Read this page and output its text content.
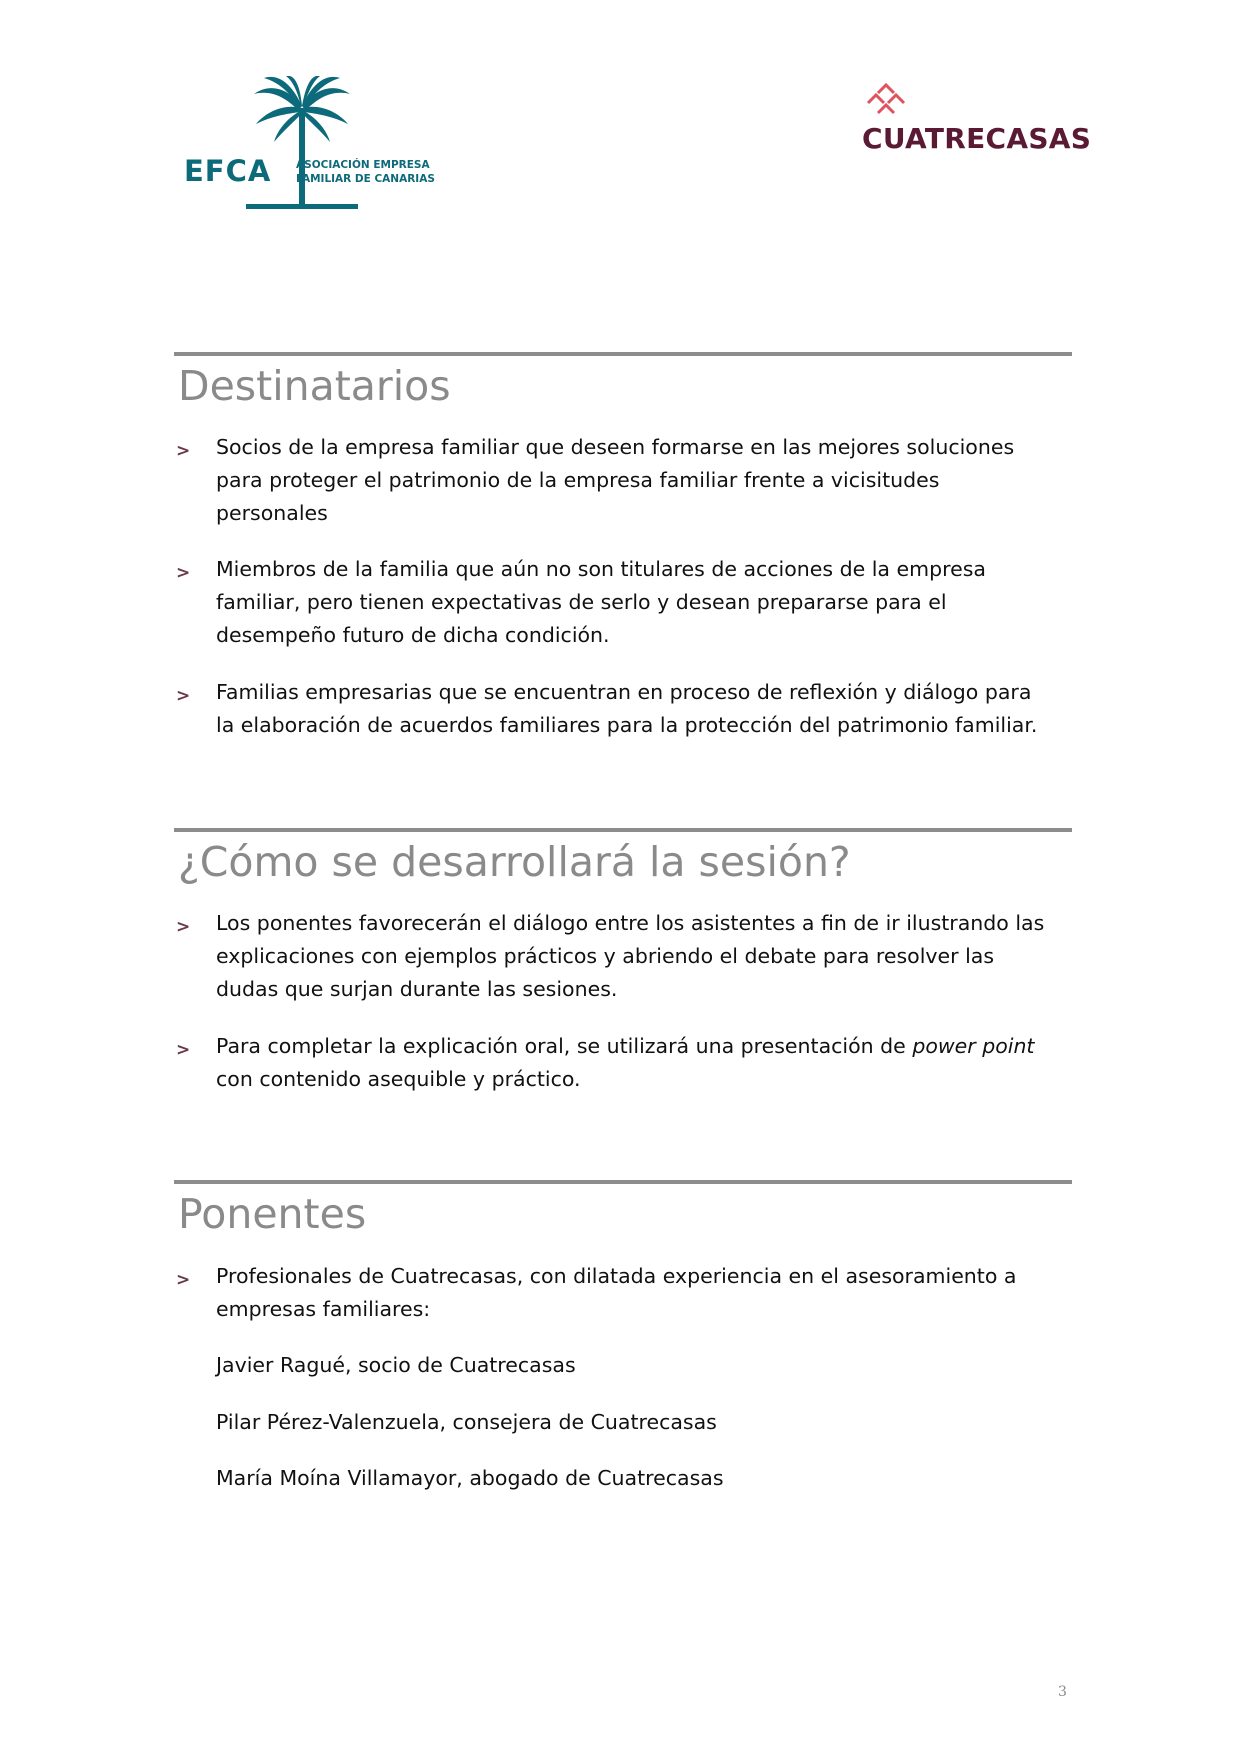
EFCA ASOCIACIÓN EMPRESA
FAMILIAR DE CANARIAS
CUATRECASAS
Destinatarios
> Socios de la empresa familiar que deseen formarse en las mejores soluciones
para proteger el patrimonio de la empresa familiar frente a vicisitudes
personales
> Miembros de la familia que aún no son titulares de acciones de la empresa
familiar, pero tienen expectativas de serlo y desean prepararse para el
desempeño futuro de dicha condición.
> Familias empresarias que se encuentran en proceso de reflexión y diálogo para
la elaboración de acuerdos familiares para la protección del patrimonio familiar.
¿Cómo se desarrollará la sesión?
> Los ponentes favorecerán el diálogo entre los asistentes a fin de ir ilustrando las
explicaciones con ejemplos prácticos y abriendo el debate para resolver las
dudas que surjan durante las sesiones.
> Para completar la explicación oral, se utilizará una presentación de power point
con contenido asequible y práctico.
Ponentes
> Profesionales de Cuatrecasas, con dilatada experiencia en el asesoramiento a
empresas familiares:
Javier Ragué, socio de Cuatrecasas
Pilar Pérez-Valenzuela, consejera de Cuatrecasas
María Moína Villamayor, abogado de Cuatrecasas
3
